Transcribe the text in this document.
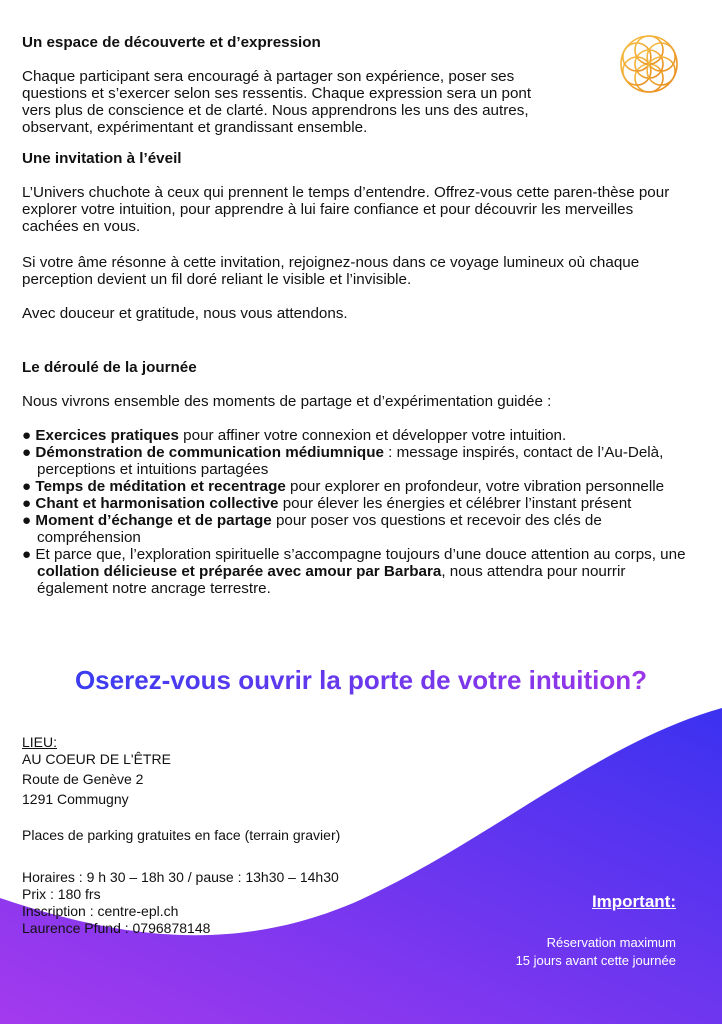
Un espace de découverte et d’expression

Chaque participant sera encouragé à partager son expérience, poser ses questions et s’exercer selon ses ressentis. Chaque expression sera un pont vers plus de conscience et de clarté. Nous apprendrons les uns des autres, observant, expérimentant et grandissant ensemble.

Une invitation à l’éveil

L’Univers chuchote à ceux qui prennent le temps d’entendre. Offrez-vous cette paren-thèse pour explorer votre intuition, pour apprendre à lui faire confiance et pour découvrir les merveilles cachées en vous.

Si votre âme résonne à cette invitation, rejoignez-nous dans ce voyage lumineux où chaque perception devient un fil doré reliant le visible et l’invisible.

Avec douceur et gratitude, nous vous attendons.

Le déroulé de la journée

Nous vivrons ensemble des moments de partage et d’expérimentation guidée :

● Exercices pratiques pour affiner votre connexion et développer votre intuition.
● Démonstration de communication médiumnique : message inspirés, contact de l’Au-Delà, perceptions et intuitions partagées
● Temps de méditation et recentrage pour explorer en profondeur, votre vibration personnelle
● Chant et harmonisation collective pour élever les énergies et célébrer l’instant présent
● Moment d’échange et de partage pour poser vos questions et recevoir des clés de compréhension
● Et parce que, l’exploration spirituelle s’accompagne toujours d’une douce attention au corps, une collation délicieuse et préparée avec amour par Barbara, nous attendra pour nourrir également notre ancrage terrestre.
Oserez-vous ouvrir la porte de votre intuition?
LIEU:
AU COEUR DE L'ÊTRE
Route de Genève 2
1291 Commugny
Places de parking gratuites en face (terrain gravier)
Horaires : 9 h 30 – 18h 30 / pause : 13h30 – 14h30
Prix : 180 frs
Inscription : centre-epl.ch
Laurence Pfund : 0796878148
Important:
Réservation maximum
15 jours avant cette journée
